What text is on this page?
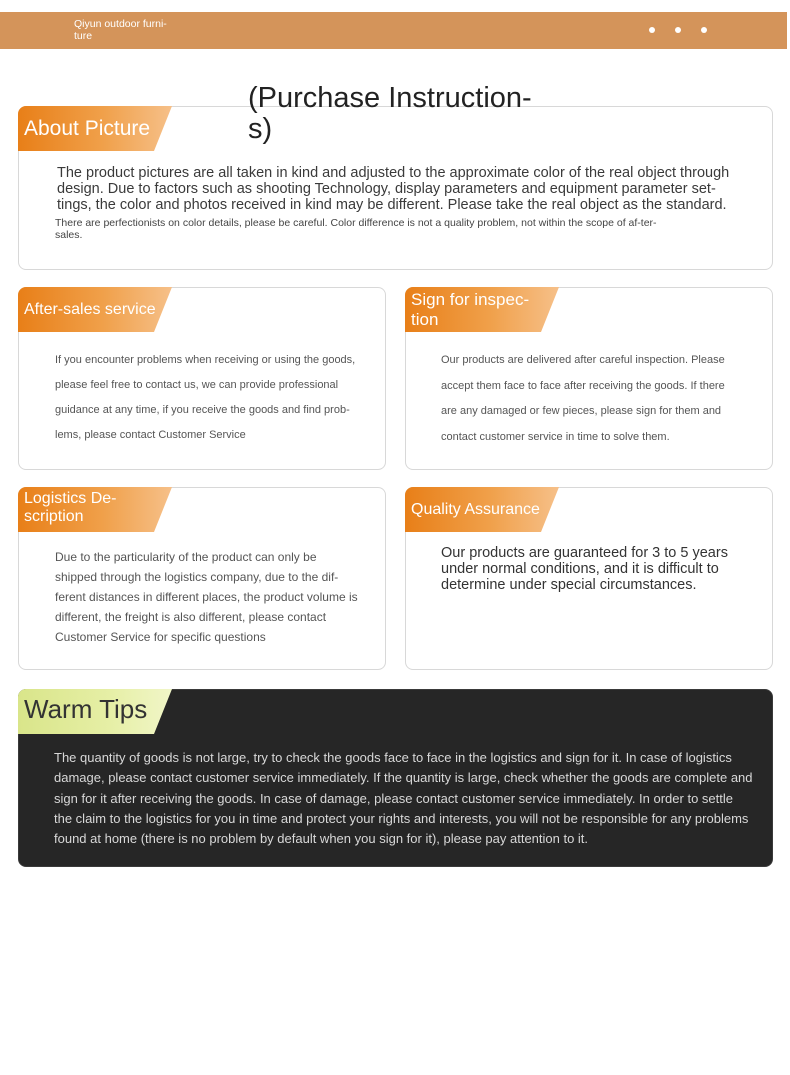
Qiyun outdoor furni-ture
About Picture
The product pictures are all taken in kind and adjusted to the approximate color of the real object through design. Due to factors such as shooting Technology, display parameters and equipment parameter set-tings, the color and photos received in kind may be different. Please take the real object as the standard.
There are perfectionists on color details, please be careful. Color difference is not a quality problem, not within the scope of af-ter-sales.
(Purchase Instruction-s)
After-sales service
If you encounter problems when receiving or using the goods, please feel free to contact us, we can provide professional guidance at any time, if you receive the goods and find prob-lems, please contact Customer Service
Sign for inspec-tion
Our products are delivered after careful inspection. Please accept them face to face after receiving the goods. If there are any damaged or few pieces, please sign for them and contact customer service in time to solve them.
Logistics De-scription
Due to the particularity of the product can only be shipped through the logistics company, due to the dif-ferent distances in different places, the product volume is different, the freight is also different, please contact Customer Service for specific questions
Quality Assurance
Our products are guaranteed for 3 to 5 years under normal conditions, and it is difficult to determine under special circumstances.
Warm Tips
The quantity of goods is not large, try to check the goods face to face in the logistics and sign for it. In case of logistics damage, please contact customer service immediately. If the quantity is large, check whether the goods are complete and sign for it after receiving the goods. In case of damage, please contact customer service immediately. In order to settle the claim to the logistics for you in time and protect your rights and interests, you will not be responsible for any problems found at home (there is no problem by default when you sign for it), please pay attention to it.
